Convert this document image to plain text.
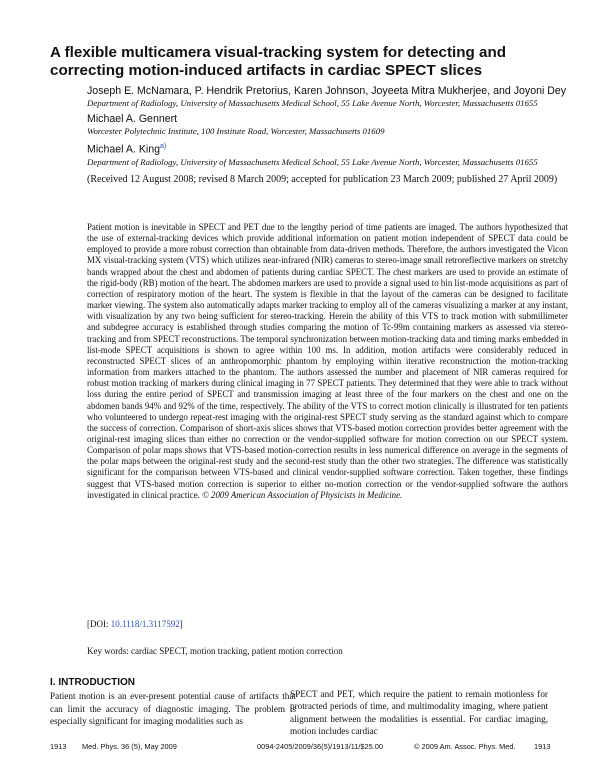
A flexible multicamera visual-tracking system for detecting and correcting motion-induced artifacts in cardiac SPECT slices
Joseph E. McNamara, P. Hendrik Pretorius, Karen Johnson, Joyeeta Mitra Mukherjee, and Joyoni Dey
Department of Radiology, University of Massachusetts Medical School, 55 Lake Avenue North, Worcester, Massachusetts 01655
Michael A. Gennert
Worcester Polytechnic Institute, 100 Institute Road, Worcester, Massachusetts 01609
Michael A. King$^{a)}$
Department of Radiology, University of Massachusetts Medical School, 55 Lake Avenue North, Worcester, Massachusetts 01655
(Received 12 August 2008; revised 8 March 2009; accepted for publication 23 March 2009; published 27 April 2009)

Patient motion is inevitable in SPECT and PET due to the lengthy period of time patients are imaged. The authors hypothesized that the use of external-tracking devices which provide additional information on patient motion independent of SPECT data could be employed to provide a more robust correction than obtainable from data-driven methods. Therefore, the authors investigated the Vicon MX visual-tracking system (VTS) which utilizes near-infrared (NIR) cameras to stereo-image small retroreflective markers on stretchy bands wrapped about the chest and abdomen of patients during cardiac SPECT. The chest markers are used to provide an estimate of the rigid-body (RB) motion of the heart. The abdomen markers are used to provide a signal used to bin list-mode acquisitions as part of correction of respiratory motion of the heart. The system is flexible in that the layout of the cameras can be designed to facilitate marker viewing. The system also automatically adapts marker tracking to employ all of the cameras visualizing a marker at any instant, with visualization by any two being sufficient for stereo-tracking. Herein the ability of this VTS to track motion with submillimeter and subdegree accuracy is established through studies comparing the motion of Tc-99m containing markers as assessed via stereo-tracking and from SPECT reconstructions. The temporal synchronization between motion-tracking data and timing marks embedded in list-mode SPECT acquisitions is shown to agree within 100 ms. In addition, motion artifacts were considerably reduced in reconstructed SPECT slices of an anthropomorphic phantom by employing within iterative reconstruction the motion-tracking information from markers attached to the phantom. The authors assessed the number and placement of NIR cameras required for robust motion tracking of markers during clinical imaging in 77 SPECT patients. They determined that they were able to track without loss during the entire period of SPECT and transmission imaging at least three of the four markers on the chest and one on the abdomen bands 94% and 92% of the time, respectively. The ability of the VTS to correct motion clinically is illustrated for ten patients who volunteered to undergo repeat-rest imaging with the original-rest SPECT study serving as the standard against which to compare the success of correction. Comparison of short-axis slices shows that VTS-based motion correction provides better agreement with the original-rest imaging slices than either no correction or the vendor-supplied software for motion correction on our SPECT system. Comparison of polar maps shows that VTS-based motion-correction results in less numerical difference on average in the segments of the polar maps between the original-rest study and the second-rest study than the other two strategies. The difference was statistically significant for the comparison between VTS-based and clinical vendor-supplied software correction. Taken together, these findings suggest that VTS-based motion correction is superior to either no-motion correction or the vendor-supplied software the authors investigated in clinical practice. © 2009 American Association of Physicists in Medicine.

[DOI: 10.1118/1.3117592]
Key words: cardiac SPECT, motion tracking, patient motion correction
I. INTRODUCTION
Patient motion is an ever-present potential cause of artifacts that can limit the accuracy of diagnostic imaging. The problem is especially significant for imaging modalities such as
SPECT and PET, which require the patient to remain motionless for protracted periods of time, and multimodality imaging, where patient alignment between the modalities is essential. For cardiac imaging, motion includes cardiac
1913 Med. Phys. 36 (5), May 2009	0094-2405/2009/36(5)/1913/11/$25.00	© 2009 Am. Assoc. Phys. Med. 1913
